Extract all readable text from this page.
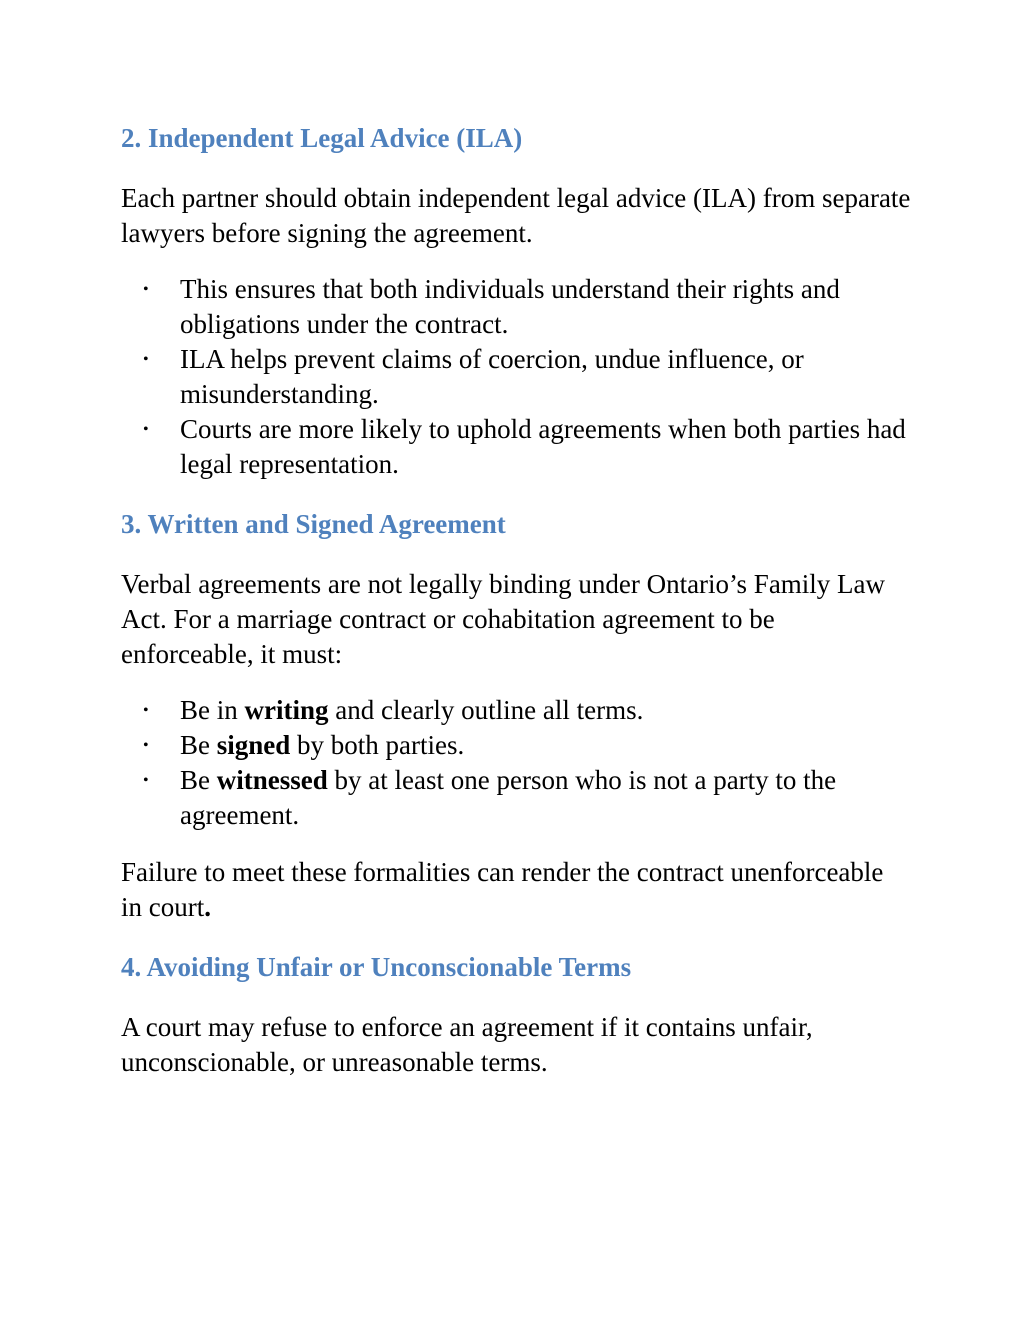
2. Independent Legal Advice (ILA)

Each partner should obtain independent legal advice (ILA) from separate lawyers before signing the agreement.

• This ensures that both individuals understand their rights and obligations under the contract.
• ILA helps prevent claims of coercion, undue influence, or misunderstanding.
• Courts are more likely to uphold agreements when both parties had legal representation.
3. Written and Signed Agreement

Verbal agreements are not legally binding under Ontario’s Family Law Act. For a marriage contract or cohabitation agreement to be enforceable, it must:

• Be in writing and clearly outline all terms.
• Be signed by both parties.
• Be witnessed by at least one person who is not a party to the agreement.

Failure to meet these formalities can render the contract unenforceable in court.

4. Avoiding Unfair or Unconscionable Terms

A court may refuse to enforce an agreement if it contains unfair, unconscionable, or unreasonable terms.
